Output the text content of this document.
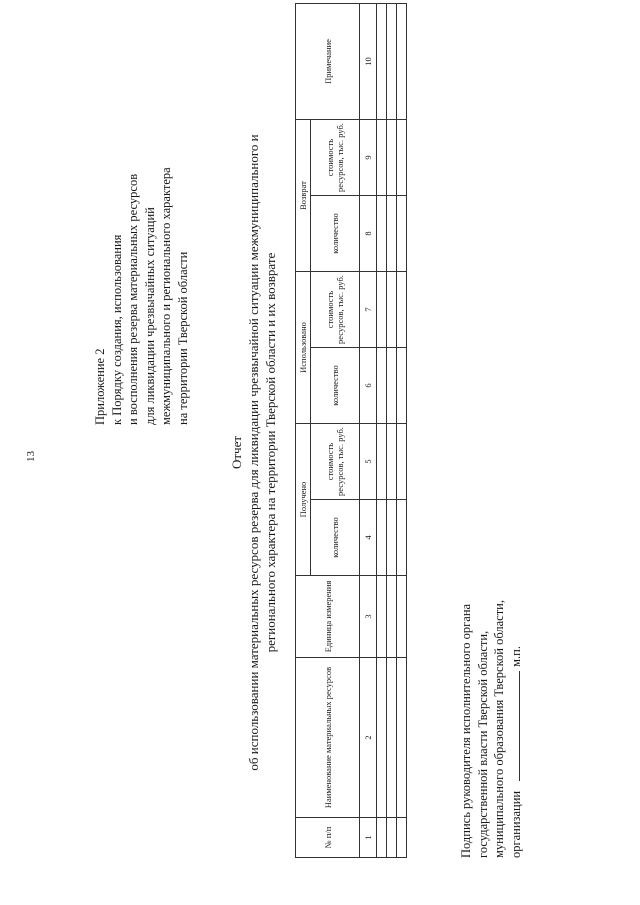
13
Приложение 2 к Порядку создания, использования и восполнения резерва материальных ресурсов для ликвидации чрезвычайных ситуаций межмуниципального и регионального характера на территории Тверской области
Отчет об использовании материальных ресурсов резерва для ликвидации чрезвычайной ситуации межмуниципального и регионального характера на территории Тверской области и их возврате
№ п/п	Наименование материальных ресурсов	Единица измерения	Получено		Использовано		Возврат		Примечание
			количество	стоимость ресурсов, тыс. руб.	количество	стоимость ресурсов, тыс. руб.	количество	стоимость ресурсов, тыс. руб.	
1	2	3	4	5	6	7	8	9	10

Подпись руководителя исполнительного органа государственной власти Тверской области, муниципального образования Тверской области, организациим.п.
